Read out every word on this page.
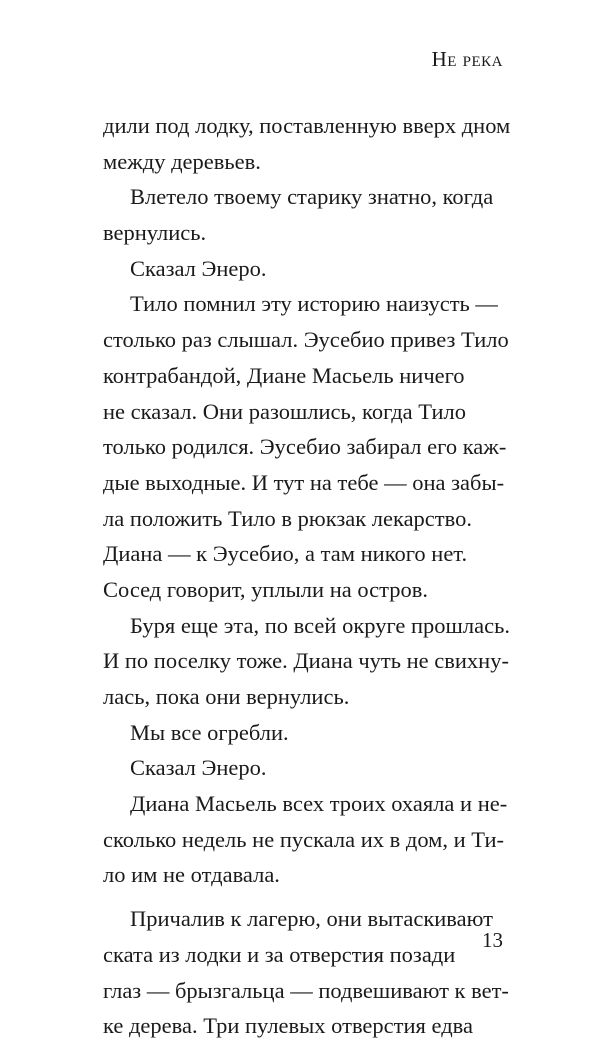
Не река
дили под лодку, поставленную вверх дном
между деревьев.
Влетело твоему старику знатно, когда
вернулись.
Сказал Энеро.
Тило помнил эту историю наизусть —
столько раз слышал. Эусебио привез Тило
контрабандой, Диане Масьель ничего
не сказал. Они разошлись, когда Тило
только родился. Эусебио забирал его каж-
дые выходные. И тут на тебе — она забы-
ла положить Тило в рюкзак лекарство.
Диана — к Эусебио, а там никого нет.
Сосед говорит, уплыли на остров.
Буря еще эта, по всей округе прошлась.
И по поселку тоже. Диана чуть не свихну-
лась, пока они вернулись.
Мы все огребли.
Сказал Энеро.
Диана Масьель всех троих охаяла и не-
сколько недель не пускала их в дом, и Ти-
ло им не отдавала.
Причалив к лагерю, они вытаскивают
ската из лодки и за отверстия позади
глаз — брызгальца — подвешивают к вет-
ке дерева. Три пулевых отверстия едва
13
